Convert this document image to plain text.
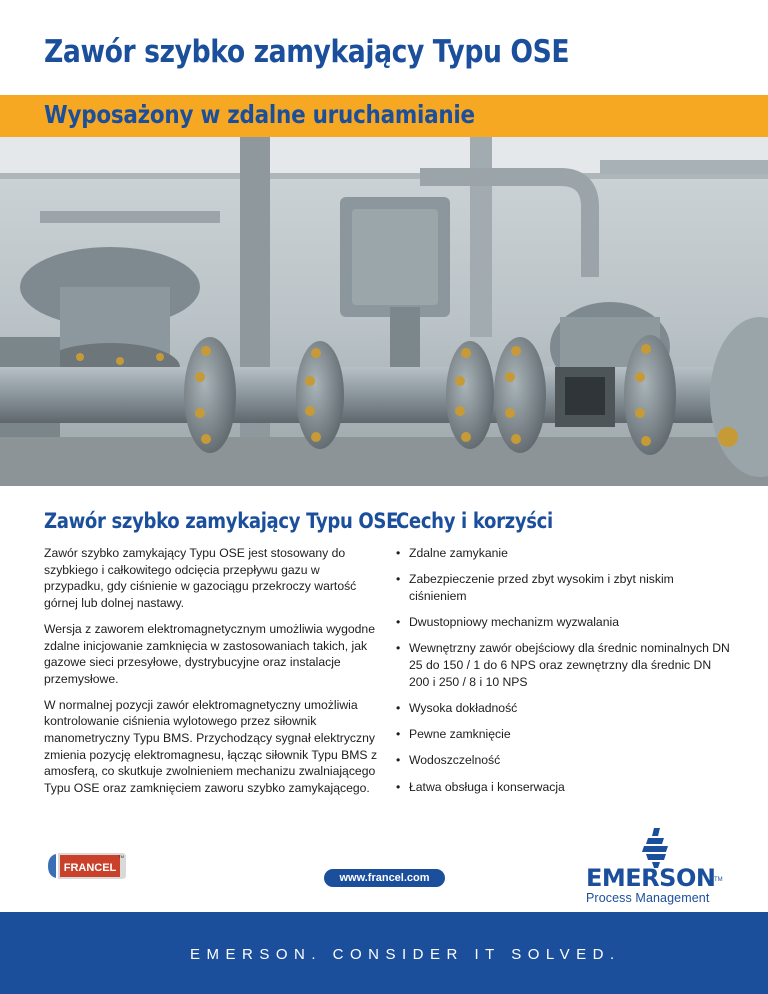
Zawór szybko zamykający Typu OSE
Wyposażony w zdalne uruchamianie
Zawór szybko zamykający Typu OSE
Cechy i korzyści

Zawór szybko zamykający Typu OSE jest stosowany do szybkiego i całkowitego odcięcia przepływu gazu w przypadku, gdy ciśnienie w gazociągu przekroczy wartość górnej lub dolnej nastawy.

Wersja z zaworem elektromagnetycznym umożliwia wygodne zdalne inicjowanie zamknięcia w zastosowaniach takich, jak gazowe sieci przesyłowe, dystrybucyjne oraz instalacje przemysłowe.

W normalnej pozycji zawór elektromagnetyczny umożliwia kontrolowanie ciśnienia wylotowego przez siłownik manometryczny Typu BMS. Przychodzący sygnał elektryczny zmienia pozycję elektromagnesu, łącząc siłownik Typu BMS z amosferą, co skutkuje zwolnieniem mechanizu zwalniającego Typu OSE oraz zamknięciem zaworu szybko zamykającego.

• Zdalne zamykanie
• Zabezpieczenie przed zbyt wysokim i zbyt niskim ciśnieniem
• Dwustopniowy mechanizm wyzwalania
• Wewnętrzny zawór obejściowy dla średnic nominalnych DN 25 do 150 / 1 do 6 NPS oraz zewnętrzny dla średnic DN 200 i 250 / 8 i 10 NPS
• Wysoka dokładność
• Pewne zamknięcie
• Wodoszczelność
• Łatwa obsługa i konserwacja
FRANCEL
TM
www.francel.com	EMERSON
TM
Process Management
EMERSON. CONSIDER IT SOLVED.
